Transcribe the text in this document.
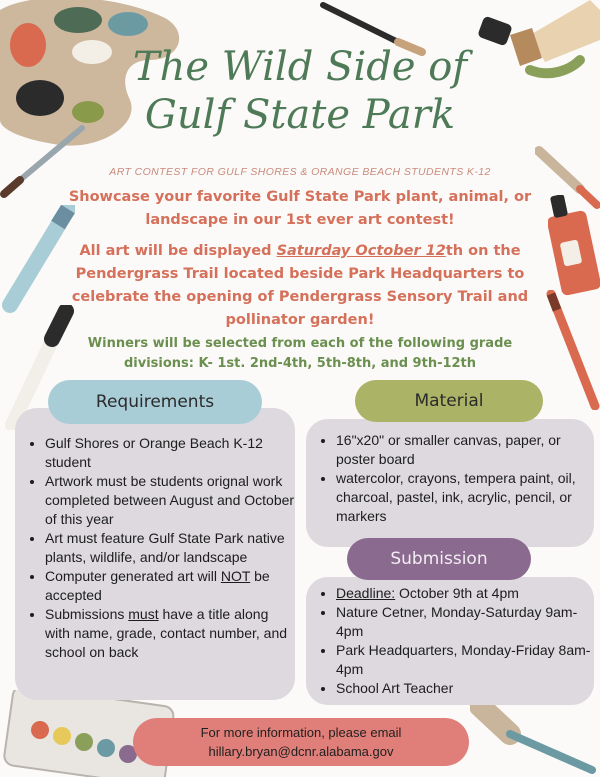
The Wild Side of
Gulf State Park
ART CONTEST FOR GULF SHORES & ORANGE BEACH STUDENTS K-12
Showcase your favorite Gulf State Park plant, animal, or landscape in our 1st ever art contest!
All art will be displayed Saturday October 12th on the Pendergrass Trail located beside Park Headquarters to celebrate the opening of Pendergrass Sensory Trail and pollinator garden!
Winners will be selected from each of the following grade divisions: K- 1st. 2nd-4th, 5th-8th, and 9th-12th
• Gulf Shores or Orange Beach K-12 student
• Artwork must be students orignal work completed between August and October of this year
• Art must feature Gulf State Park native plants, wildlife, and/or landscape
• Computer generated art will NOT be accepted
• Submissions must have a title along with name, grade, contact number, and school on back
Requirements
• 16"x20" or smaller canvas, paper, or poster board
• watercolor, crayons, tempera paint, oil, charcoal, pastel, ink, acrylic, pencil, or markers
Material
• Deadline: October 9th at 4pm
• Nature Cetner, Monday-Saturday 9am-4pm
• Park Headquarters, Monday-Friday 8am-4pm
• School Art Teacher
Submission
For more information, please email
hillary.bryan@dcnr.alabama.gov
